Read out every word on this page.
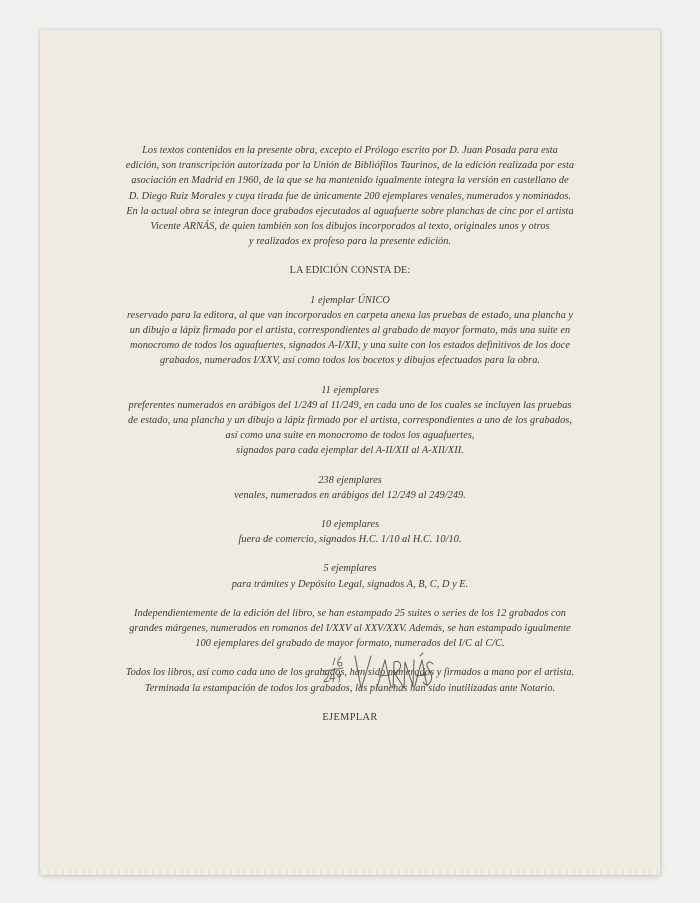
Los textos contenidos en la presente obra, excepto el Prólogo escrito por D. Juan Posada para esta
edición, son transcripción autorizada por la Unión de Bibliófilos Taurinos, de la edición realizada por esta
asociación en Madrid en 1960, de la que se ha mantenido igualmente íntegra la versión en castellano de
D. Diego Ruiz Morales y cuya tirada fue de únicamente 200 ejemplares venales, numerados y nominados.
En la actual obra se integran doce grabados ejecutados al aguafuerte sobre planchas de cinc por el artista
Vicente ARNÁS, de quien también son los dibujos incorporados al texto, originales unos y otros
y realizados ex profeso para la presente edición.

LA EDICIÓN CONSTA DE:

1 ejemplar ÚNICO
reservado para la editora, al que van incorporados en carpeta anexa las pruebas de estado, una plancha y
un dibujo a lápiz firmado por el artista, correspondientes al grabado de mayor formato, más una suite en
monocromo de todos los aguafuertes, signados A-I/XII, y una suite con los estados definitivos de los doce
grabados, numerados I/XXV, así como todos los bocetos y dibujos efectuados para la obra.

11 ejemplares
preferentes numerados en arábigos del 1/249 al 11/249, en cada uno de los cuales se incluyen las pruebas
de estado, una plancha y un dibujo a lápiz firmado por el artista, correspondientes a uno de los grabados,
así como una suite en monocromo de todos los aguafuertes,
signados para cada ejemplar del A-II/XII al A-XII/XII.

238 ejemplares
venales, numerados en arábigos del 12/249 al 249/249.

10 ejemplares
fuera de comercio, signados H.C. 1/10 al H.C. 10/10.

5 ejemplares
para trámites y Depósito Legal, signados A, B, C, D y E.

Independientemente de la edición del libro, se han estampado 25 suites o series de los 12 grabados con
grandes márgenes, numerados en romanos del I/XXV al XXV/XXV. Además, se han estampado igualmente
100 ejemplares del grabado de mayor formato, numerados del I/C al C/C.

Todos los libros, así como cada uno de los grabados, han sido numerados y firmados a mano por el artista.
Terminada la estampación de todos los grabados, las planchas han sido inutilizadas ante Notario.

EJEMPLAR
